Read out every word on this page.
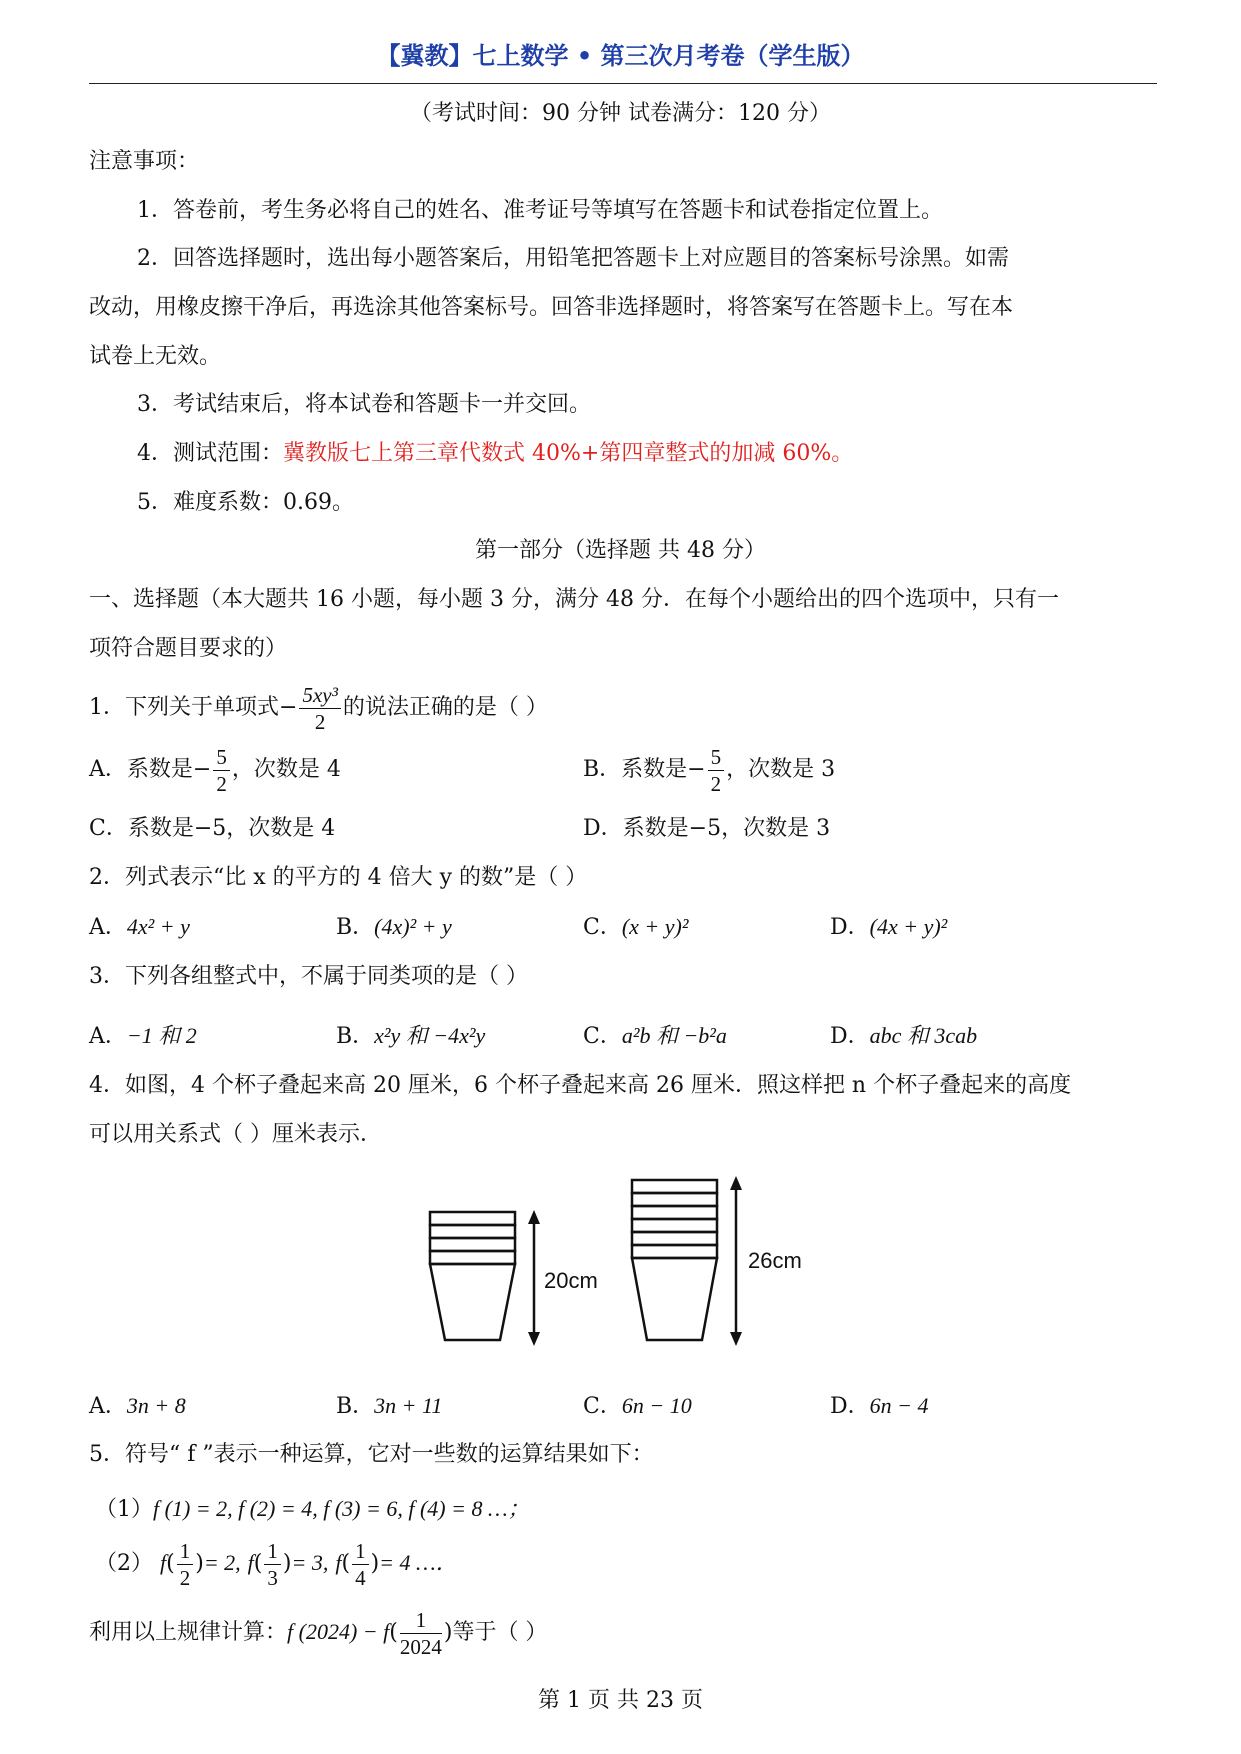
【冀教】七上数学 • 第三次月考卷（学生版）
（考试时间：90 分钟 试卷满分：120 分）
注意事项：
1．答卷前，考生务必将自己的姓名、准考证号等填写在答题卡和试卷指定位置上。
2．回答选择题时，选出每小题答案后，用铅笔把答题卡上对应题目的答案标号涂黑。如需
改动，用橡皮擦干净后，再选涂其他答案标号。回答非选择题时，将答案写在答题卡上。写在本
试卷上无效。
3．考试结束后，将本试卷和答题卡一并交回。
4．测试范围：冀教版七上第三章代数式 40%+第四章整式的加减 60%。
5．难度系数：0.69。
第一部分（选择题 共 48 分）
一、选择题（本大题共 16 小题，每小题 3 分，满分 48 分．在每个小题给出的四个选项中，只有一
项符合题目要求的）
1．下列关于单项式− $\frac{\text{5xy³}}{2}$ 的说法正确的是（ ）
A．系数是− $\frac{5}{2}$ ，次数是 4	B．系数是− $\frac{5}{2}$ ，次数是 3
C．系数是−5，次数是 4	D．系数是−5，次数是 3
2．列式表示“比 x 的平方的 4 倍大 y 的数”是（ ）
A．4x² + y	B．(4x)² + y	C．(x + y)²	D．(4x + y)²
3．下列各组整式中，不属于同类项的是（ ）
A．−1 和 2	B．x²y 和 −4x²y	C．a²b 和 −b²a	D．abc 和 3cab
4．如图，4 个杯子叠起来高 20 厘米，6 个杯子叠起来高 26 厘米．照这样把 n 个杯子叠起来的高度
可以用关系式（ ）厘米表示．
20cm
26cm
A．3n + 8	B．3n + 11	C．6n − 10	D．6n − 4
5．符号“ f ”表示一种运算，它对一些数的运算结果如下：
（1）f (1) = 2, f (2) = 4, f (3) = 6, f (4) = 8 …；
（2） $f( \frac{1}{2}$ )= 2, $f( \frac{1}{3}$ )= 3, $f( \frac{1}{4}$ )= 4 …．
利用以上规律计算：f $(2024) - f( \frac{1}{2024}$ )等于（ ）
第 1 页 共 23 页
